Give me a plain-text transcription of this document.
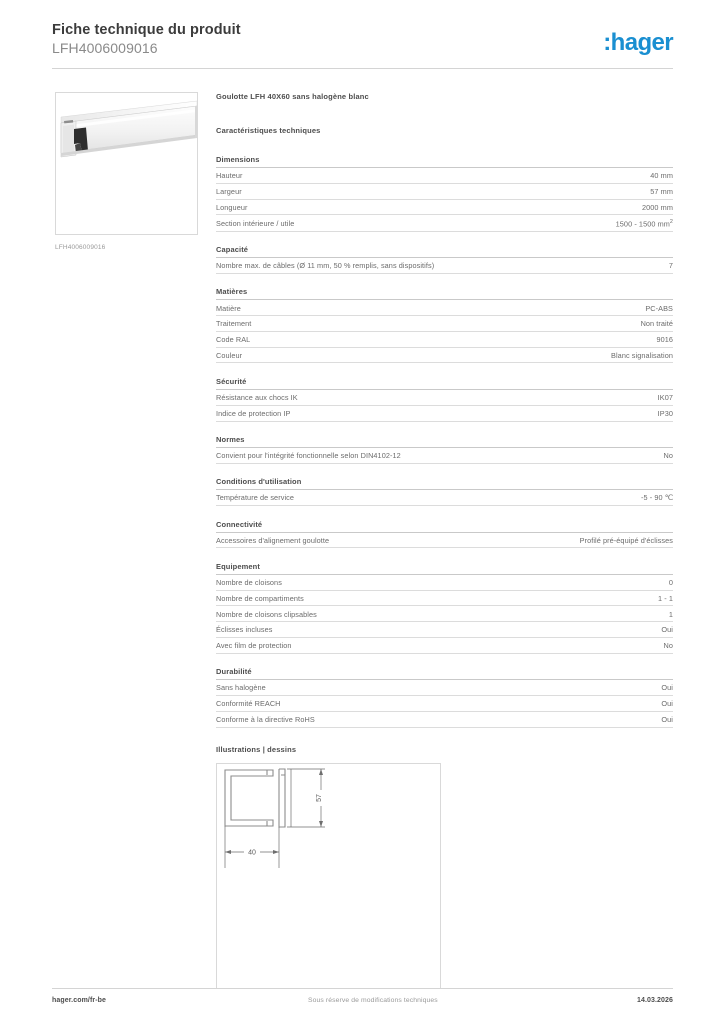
Fiche technique du produit
LFH4006009016	:hager
LFH4006009016
Goulotte LFH 40X60 sans halogène blanc
Caractéristiques techniques
Dimensions
Hauteur	40 mm
Largeur	57 mm
Longueur	2000 mm
Section intérieure / utile	1500 - 1500 $mm^2$
Capacité
Nombre max. de câbles (Ø 11 mm, 50 % remplis, sans dispositifs)	7
Matières
Matière	PC-ABS
Traitement	Non traité
Code RAL	9016
Couleur	Blanc signalisation
Sécurité
Résistance aux chocs IK	IK07
Indice de protection IP	IP30
Normes
Convient pour l'intégrité fonctionnelle selon DIN4102-12	No
Conditions d'utilisation
Température de service	-5 - 90 ℃
Connectivité
Accessoires d'alignement goulotte	Profilé pré-équipé d'éclisses
Equipement
Nombre de cloisons	0
Nombre de compartiments	1 - 1
Nombre de cloisons clipsables	1
Éclisses incluses	Oui
Avec film de protection	No
Durabilité
Sans halogène	Oui
Conformité REACH	Oui
Conforme à la directive RoHS	Oui
Illustrations | dessins
57
40
hager.com/fr-be	Sous réserve de modifications techniques	14.03.2026
